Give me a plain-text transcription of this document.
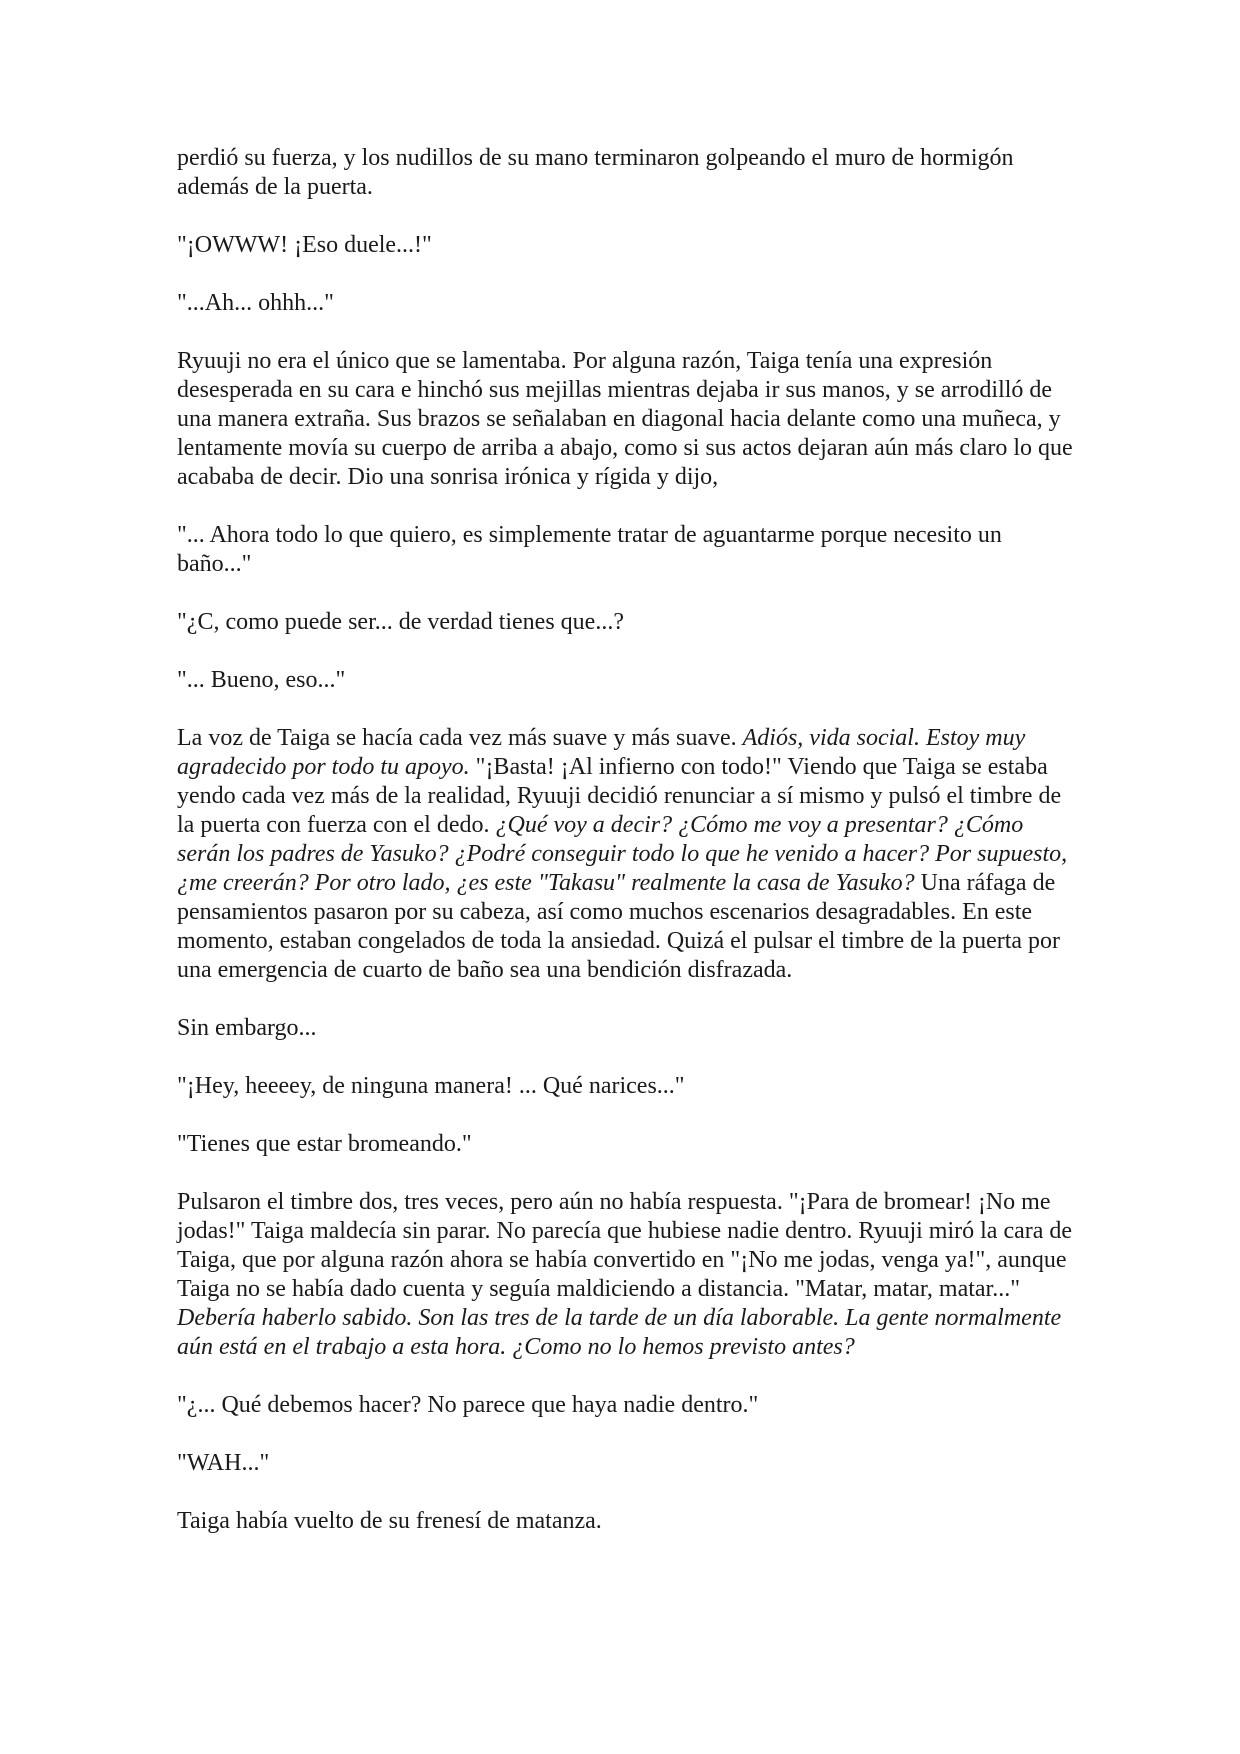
perdió su fuerza, y los nudillos de su mano terminaron golpeando el muro de hormigón además de la puerta.

"¡OWWW! ¡Eso duele...!"

"...Ah... ohhh..."

Ryuuji no era el único que se lamentaba. Por alguna razón, Taiga tenía una expresión desesperada en su cara e hinchó sus mejillas mientras dejaba ir sus manos, y se arrodilló de una manera extraña. Sus brazos se señalaban en diagonal hacia delante como una muñeca, y lentamente movía su cuerpo de arriba a abajo, como si sus actos dejaran aún más claro lo que acababa de decir. Dio una sonrisa irónica y rígida y dijo,

"... Ahora todo lo que quiero, es simplemente tratar de aguantarme porque necesito un baño..."

"¿C, como puede ser... de verdad tienes que...?

"... Bueno, eso..."

La voz de Taiga se hacía cada vez más suave y más suave. Adiós, vida social. Estoy muy agradecido por todo tu apoyo. "¡Basta! ¡Al infierno con todo!" Viendo que Taiga se estaba yendo cada vez más de la realidad, Ryuuji decidió renunciar a sí mismo y pulsó el timbre de la puerta con fuerza con el dedo. ¿Qué voy a decir? ¿Cómo me voy a presentar? ¿Cómo serán los padres de Yasuko? ¿Podré conseguir todo lo que he venido a hacer? Por supuesto, ¿me creerán? Por otro lado, ¿es este "Takasu" realmente la casa de Yasuko? Una ráfaga de pensamientos pasaron por su cabeza, así como muchos escenarios desagradables. En este momento, estaban congelados de toda la ansiedad. Quizá el pulsar el timbre de la puerta por una emergencia de cuarto de baño sea una bendición disfrazada.

Sin embargo...

"¡Hey, heeeey, de ninguna manera! ... Qué narices..."

"Tienes que estar bromeando."

Pulsaron el timbre dos, tres veces, pero aún no había respuesta. "¡Para de bromear! ¡No me jodas!" Taiga maldecía sin parar. No parecía que hubiese nadie dentro. Ryuuji miró la cara de Taiga, que por alguna razón ahora se había convertido en "¡No me jodas, venga ya!", aunque Taiga no se había dado cuenta y seguía maldiciendo a distancia. "Matar, matar, matar..." Debería haberlo sabido. Son las tres de la tarde de un día laborable. La gente normalmente aún está en el trabajo a esta hora. ¿Como no lo hemos previsto antes?

"¿... Qué debemos hacer? No parece que haya nadie dentro."

"WAH..."

Taiga había vuelto de su frenesí de matanza.
